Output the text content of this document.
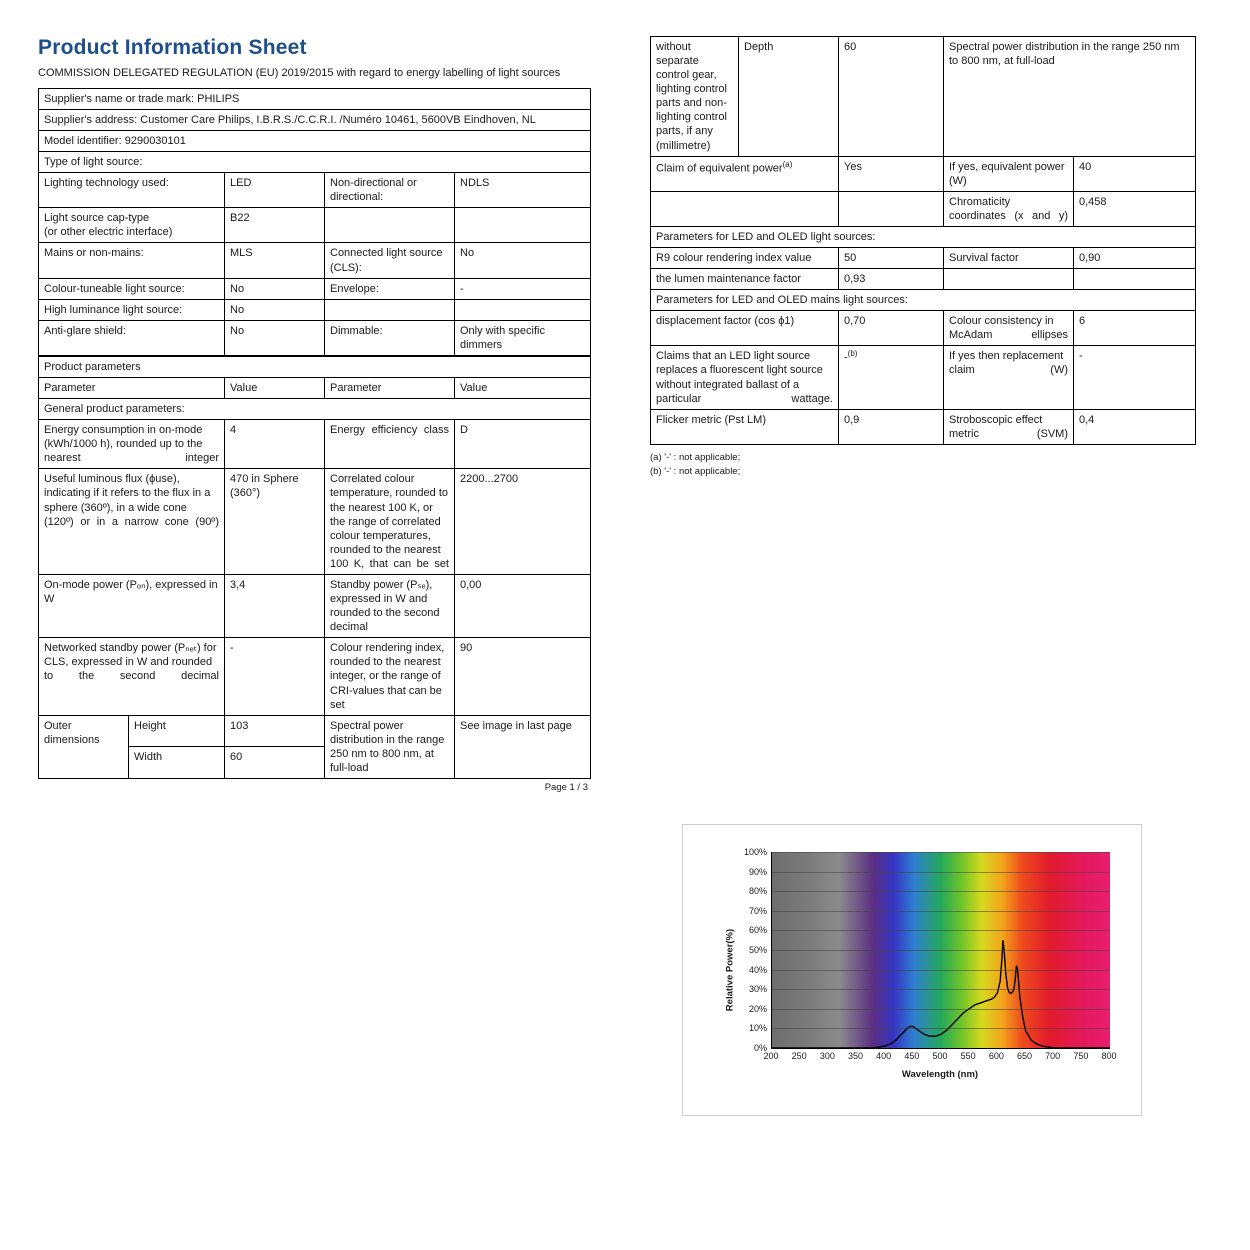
Product Information Sheet
COMMISSION DELEGATED REGULATION (EU) 2019/2015 with regard to energy labelling of light sources
Supplier's name or trade mark: PHILIPS			
Supplier's address: Customer Care Philips, I.B.R.S./C.C.R.I. /Numéro 10461, 5600VB Eindhoven, NL			
Model identifier: 9290030101			
Type of light source:			
Lighting technology used:	LED	Non-directional or directional:	NDLS

Light source cap-type
(or other electric interface)	B22		
Mains or non-mains:	MLS	Connected light source (CLS):	No
Colour-tuneable light source:	No	Envelope:	-
High luminance light source:	No		
Anti-glare shield:	No	Dimmable:	Only with specific dimmers
Product parameters				
Parameter		Value	Parameter	Value
General product parameters:				
Energy consumption in on-mode (kWh/1000 h), rounded up to the nearest integer		4	Energy efficiency class	D
Useful luminous flux (ϕuse), indicating if it refers to the flux in a sphere (360º), in a wide cone (120º) or in a narrow cone (90º)		470 in Sphere (360°)	Correlated colour temperature, rounded to the nearest 100 K, or the range of correlated colour temperatures, rounded to the nearest 100 K, that can be set	2200...2700
On-mode power (Pₒₙ), expressed in W		3,4	Standby power (Pₛₑ), expressed in W and rounded to the second decimal	0,00
Networked standby power (Pₙₑₜ) for CLS, expressed in W and rounded to the second decimal		-	Colour rendering index, rounded to the nearest integer, or the range of CRI-values that can be set	90
Outer dimensions	Height	103	Spectral power distribution in the range 250 nm to 800 nm, at full-load	See image in last page
	Width	60		
Page 1 / 3
without separate control gear, lighting control parts and non-lighting control parts, if any (millimetre)	Depth	60	Spectral power distribution in the range 250 nm to 800 nm, at full-load	
Claim of equivalent power$^{(a)}$		Yes	If yes, equivalent power (W)	40
			Chromaticity coordinates (x and y)	0,458
Parameters for LED and OLED light sources:				
R9 colour rendering index value		50	Survival factor	0,90
the lumen maintenance factor		0,93		
Parameters for LED and OLED mains light sources:				
displacement factor (cos ϕ1)		0,70	Colour consistency in McAdam ellipses	6
Claims that an LED light source replaces a fluorescent light source without integrated ballast of a particular wattage.		-$^{(b)}$	If yes then replacement claim (W)	-
Flicker metric (Pst LM)		0,9	Stroboscopic effect metric (SVM)	0,4
(a) '-' : not applicable;
(b) '-' : not applicable;
Relative Power(%)
0%
10%
20%
30%
40%
50%
60%
70%
80%
90%
100%
200 250 300 350 400 450 500 550 600 650 700 750 800
Wavelength (nm)
